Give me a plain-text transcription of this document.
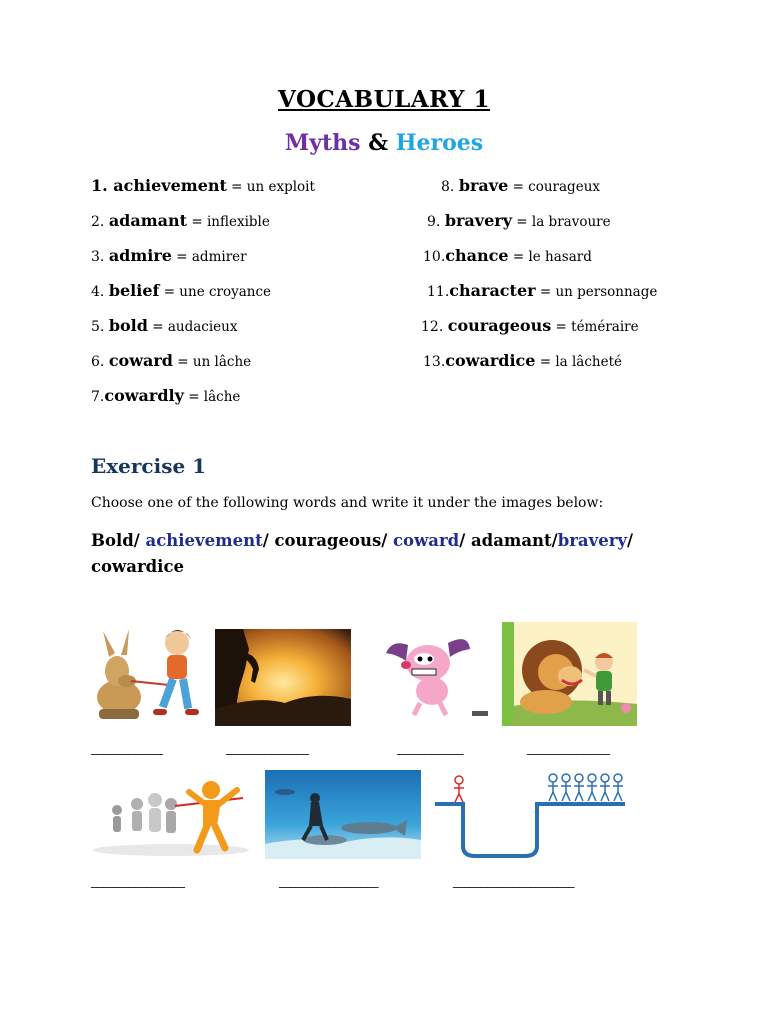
VOCABULARY 1
Myths & Heroes
1. achievement = un exploit
2. adamant = inflexible
3. admire = admirer
4. belief = une croyance
5. bold = audacieux
6. coward = un lâche
7.cowardly = lâche
8. brave = courageux
9. bravery = la bravoure
10.chance = le hasard
11.character = un personnage
12. courageous = téméraire
13.cowardice = la lâcheté
Exercise 1
Choose one of the following words and write it under the images below:
Bold/ achievement/ courageous/ coward/ adamant/bravery/ cowardice
_____________	_______________	____________	_______________
_________________	__________________	______________________
